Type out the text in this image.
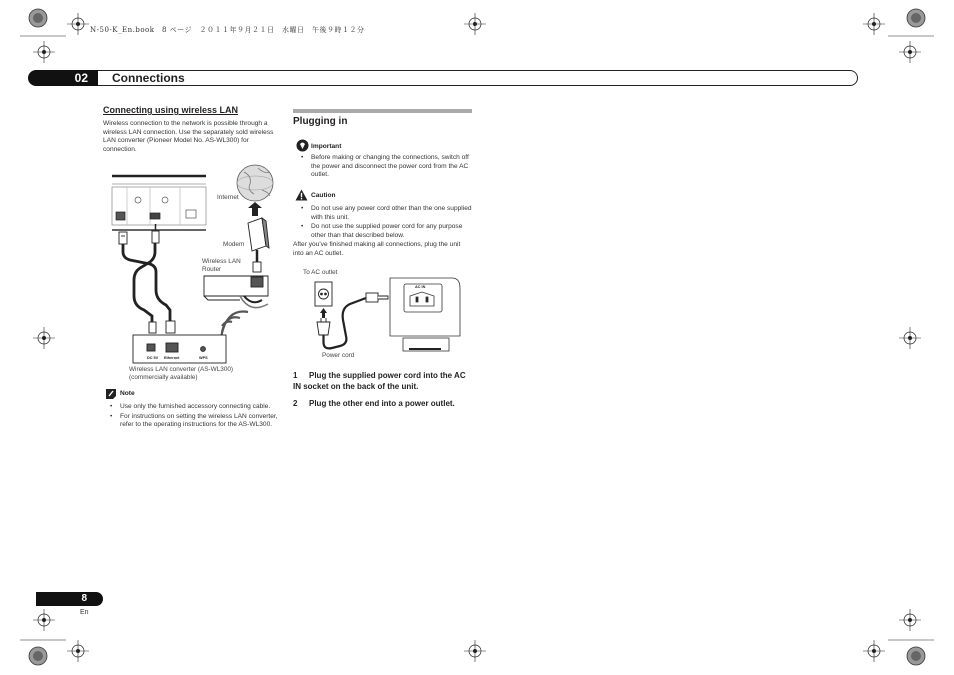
N-50-K_En.book　8 ページ　２０１１年９月２１日　水曜日　午後９時１２分
02	Connections
Connecting using wireless LAN
Wireless connection to the network is possible through a wireless LAN connection. Use the separately sold wireless LAN converter (Pioneer Model No. AS-WL300) for connection.
DC 5V Ethernet	WPS
Internet
Modem
Wireless LAN Router
Wireless LAN converter (AS-WL300) (commercially available)
Note
• Use only the furnished accessory connecting cable.
• For instructions on setting the wireless LAN converter, refer to the operating instructions for the AS-WL300.
Plugging in
Important
• Before making or changing the connections, switch off the power and disconnect the power cord from the AC outlet.
Caution
• Do not use any power cord other than the one supplied with this unit.
• Do not use the supplied power cord for any purpose other than that described below.
After you've finished making all connections, plug the unit into an AC outlet.
AC IN
To AC outlet
Power cord
1 Plug the supplied power cord into the AC IN socket on the back of the unit.
2 Plug the other end into a power outlet.
8
En
